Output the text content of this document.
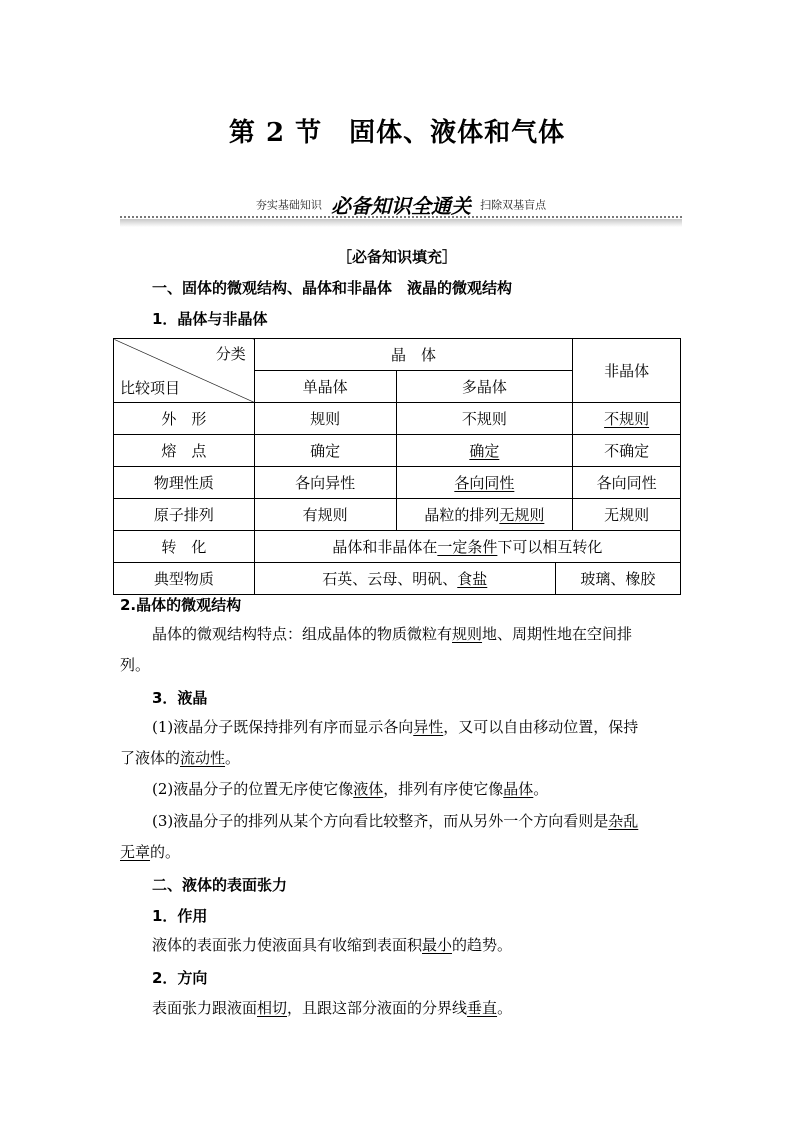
第 2 节　固体、液体和气体
夯实基础知识 必备知识全通关 扫除双基盲点
［必备知识填充］
一、固体的微观结构、晶体和非晶体　液晶的微观结构
1．晶体与非晶体
分类
比较项目
	晶　体	非晶体
单晶体	多晶体
外　形	规则	不规则	不规则
熔　点	确定	确定	不确定
物理性质	各向异性	各向同性	各向同性
原子排列	有规则	晶粒的排列无规则	无规则
转　化	晶体和非晶体在一定条件下可以相互转化
典型物质		石英、云母、明矾、食盐	玻璃、橡胶
2.晶体的微观结构
晶体的微观结构特点：组成晶体的物质微粒有规则地、周期性地在空间排
列。
3．液晶
(1)液晶分子既保持排列有序而显示各向异性，又可以自由移动位置，保持
了液体的流动性。
(2)液晶分子的位置无序使它像液体，排列有序使它像晶体。
(3)液晶分子的排列从某个方向看比较整齐，而从另外一个方向看则是杂乱
无章的。
二、液体的表面张力
1．作用
液体的表面张力使液面具有收缩到表面积最小的趋势。
2．方向
表面张力跟液面相切，且跟这部分液面的分界线垂直。
